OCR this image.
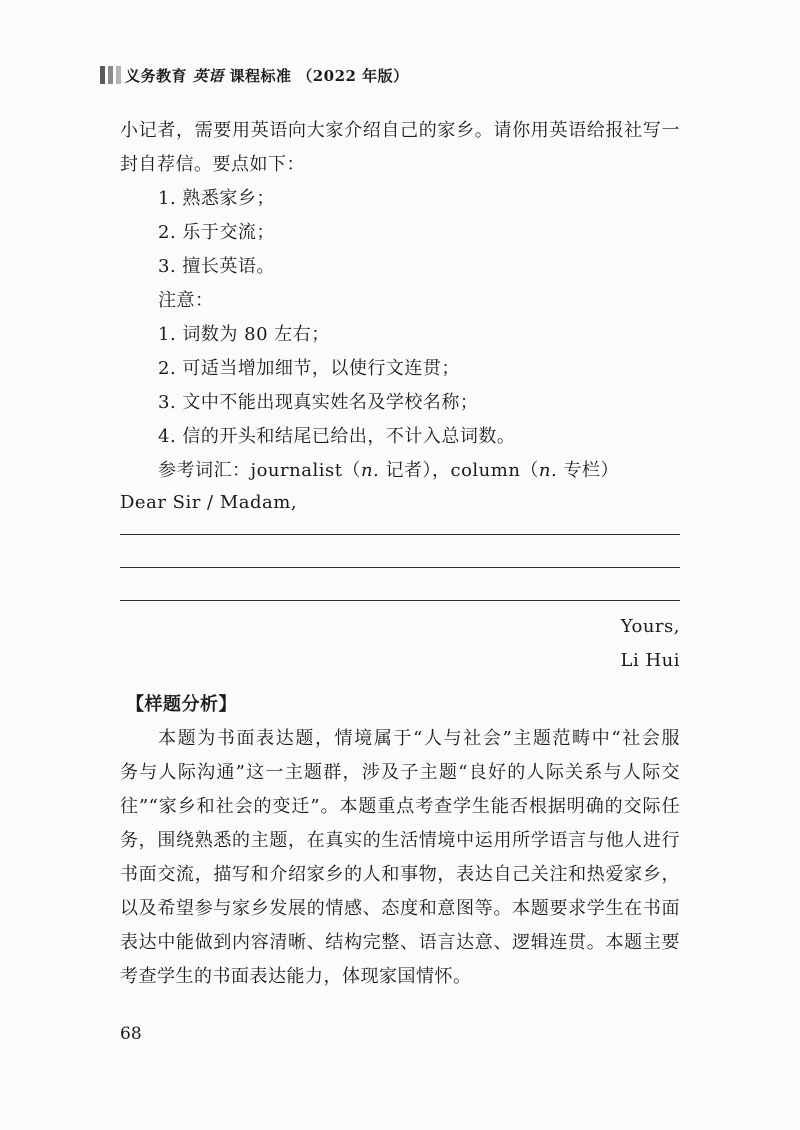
义务教育 英语 课程标准 （2022 年版）
小记者，需要用英语向大家介绍自己的家乡。请你用英语给报社写一
封自荐信。要点如下：
1. 熟悉家乡；
2. 乐于交流；
3. 擅长英语。
注意：
1. 词数为 80 左右；
2. 可适当增加细节，以使行文连贯；
3. 文中不能出现真实姓名及学校名称；
4. 信的开头和结尾已给出，不计入总词数。
参考词汇：journalist（n. 记者），column（n. 专栏）
Dear Sir / Madam,
Yours,
Li Hui
【样题分析】
本题为书面表达题，情境属于“人与社会”主题范畴中“社会服
务与人际沟通”这一主题群，涉及子主题“良好的人际关系与人际交
往”“家乡和社会的变迁”。本题重点考查学生能否根据明确的交际任
务，围绕熟悉的主题，在真实的生活情境中运用所学语言与他人进行
书面交流，描写和介绍家乡的人和事物，表达自己关注和热爱家乡，
以及希望参与家乡发展的情感、态度和意图等。本题要求学生在书面
表达中能做到内容清晰、结构完整、语言达意、逻辑连贯。本题主要
考查学生的书面表达能力，体现家国情怀。
68
